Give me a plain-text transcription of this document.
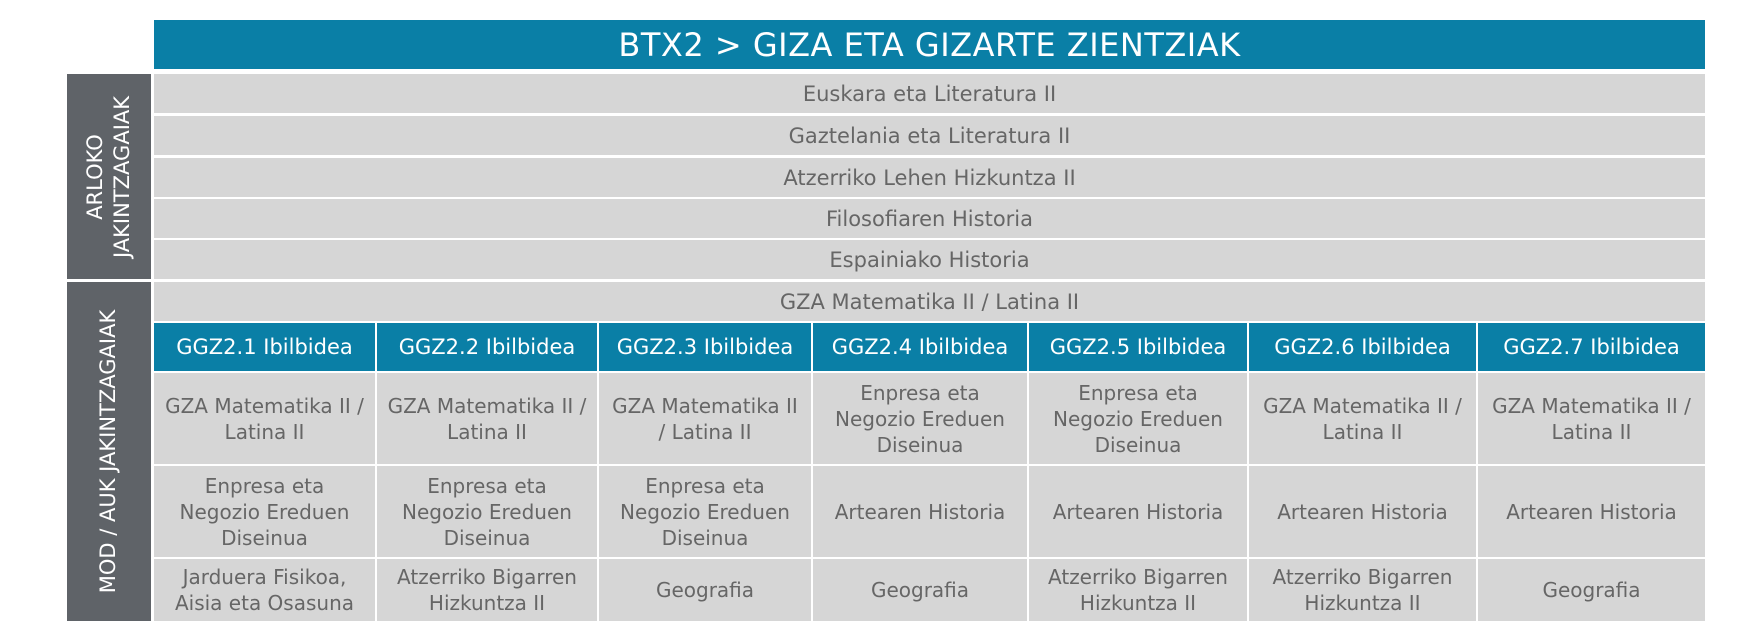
BTX2 > GIZA ETA GIZARTE ZIENTZIAK
ARLOKO JAKINTZAGAIAK
MOD / AUK JAKINTZAGAIAK
Euskara eta Literatura II
Gaztelania eta Literatura II
Atzerriko Lehen Hizkuntza II
Filosofiaren Historia
Espainiako Historia
GZA Matematika II / Latina II
GGZ2.1 Ibilbidea
GZA Matematika II / Latina II
Enpresa eta Negozio Ereduen Diseinua
Jarduera Fisikoa, Aisia eta Osasuna
GGZ2.2 Ibilbidea
GZA Matematika II / Latina II
Enpresa eta Negozio Ereduen Diseinua
Atzerriko Bigarren Hizkuntza II
GGZ2.3 Ibilbidea
GZA Matematika II / Latina II
Enpresa eta Negozio Ereduen Diseinua
Geografia
GGZ2.4 Ibilbidea
Enpresa eta Negozio Ereduen Diseinua
Artearen Historia
Geografia
GGZ2.5 Ibilbidea
Enpresa eta Negozio Ereduen Diseinua
Artearen Historia
Atzerriko Bigarren Hizkuntza II
GGZ2.6 Ibilbidea
GZA Matematika II / Latina II
Artearen Historia
Atzerriko Bigarren Hizkuntza II
GGZ2.7 Ibilbidea
GZA Matematika II / Latina II
Artearen Historia
Geografia
